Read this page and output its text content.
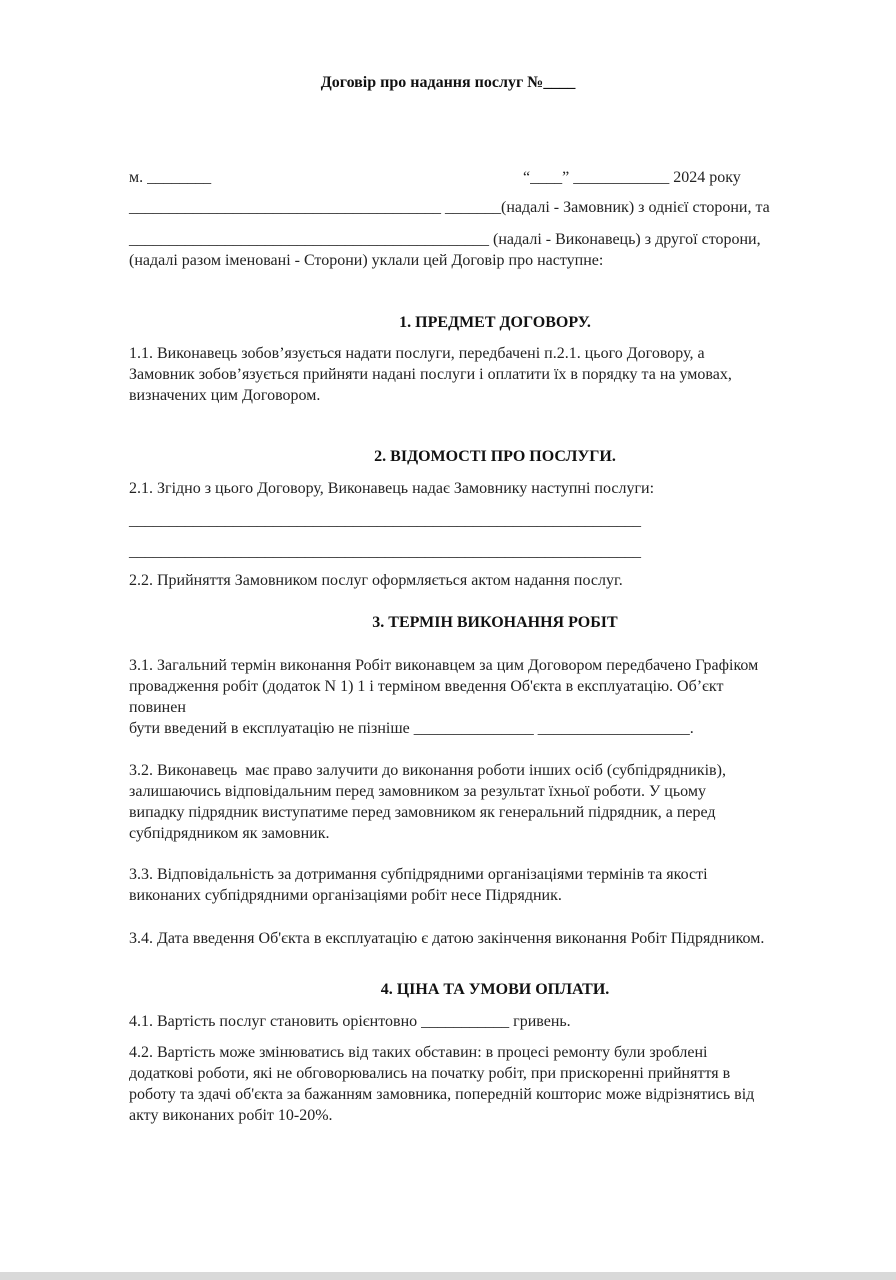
Договір про надання послуг №____
м. ________	“____” ____________ 2024 року
_______________________________________ _______(надалі - Замовник) з однієї сторони, та
_____________________________________________ (надалі - Виконавець) з другої сторони,
(надалі разом іменовані - Сторони) уклали цей Договір про наступне:
1. ПРЕДМЕТ ДОГОВОРУ.
1.1. Виконавець зобов’язується надати послуги, передбачені п.2.1. цього Договору, а
Замовник зобов’язується прийняти надані послуги і оплатити їх в порядку та на умовах,
визначених цим Договором.
2. ВІДОМОСТІ ПРО ПОСЛУГИ.
2.1. Згідно з цього Договору, Виконавець надає Замовнику наступні послуги:
________________________________________________________________
________________________________________________________________
2.2. Прийняття Замовником послуг оформляється актом надання послуг.
3. ТЕРМІН ВИКОНАННЯ РОБІТ
3.1. Загальний термін виконання Робіт виконавцем за цим Договором передбачено Графіком
провадження робіт (додаток N 1) 1 і терміном введення Об'єкта в експлуатацію. Об’єкт
повинен
бути введений в експлуатацію не пізніше _______________ ___________________.
3.2. Виконавець  має право залучити до виконання роботи інших осіб (субпідрядників),
залишаючись відповідальним перед замовником за результат їхньої роботи. У цьому
випадку підрядник виступатиме перед замовником як генеральний підрядник, а перед
субпідрядником як замовник.
3.3. Відповідальність за дотримання субпідрядними організаціями термінів та якості
виконаних субпідрядними організаціями робіт несе Підрядник.
3.4. Дата введення Об'єкта в експлуатацію є датою закінчення виконання Робіт Підрядником.
4. ЦІНА ТА УМОВИ ОПЛАТИ.
4.1. Вартість послуг становить орієнтовно ___________ гривень.
4.2. Вартість може змінюватись від таких обставин: в процесі ремонту були зроблені
додаткові роботи, які не обговорювались на початку робіт, при прискоренні прийняття в
роботу та здачі об'єкта за бажанням замовника, попередній кошторис може відрізнятись від
акту виконаних робіт 10-20%.
